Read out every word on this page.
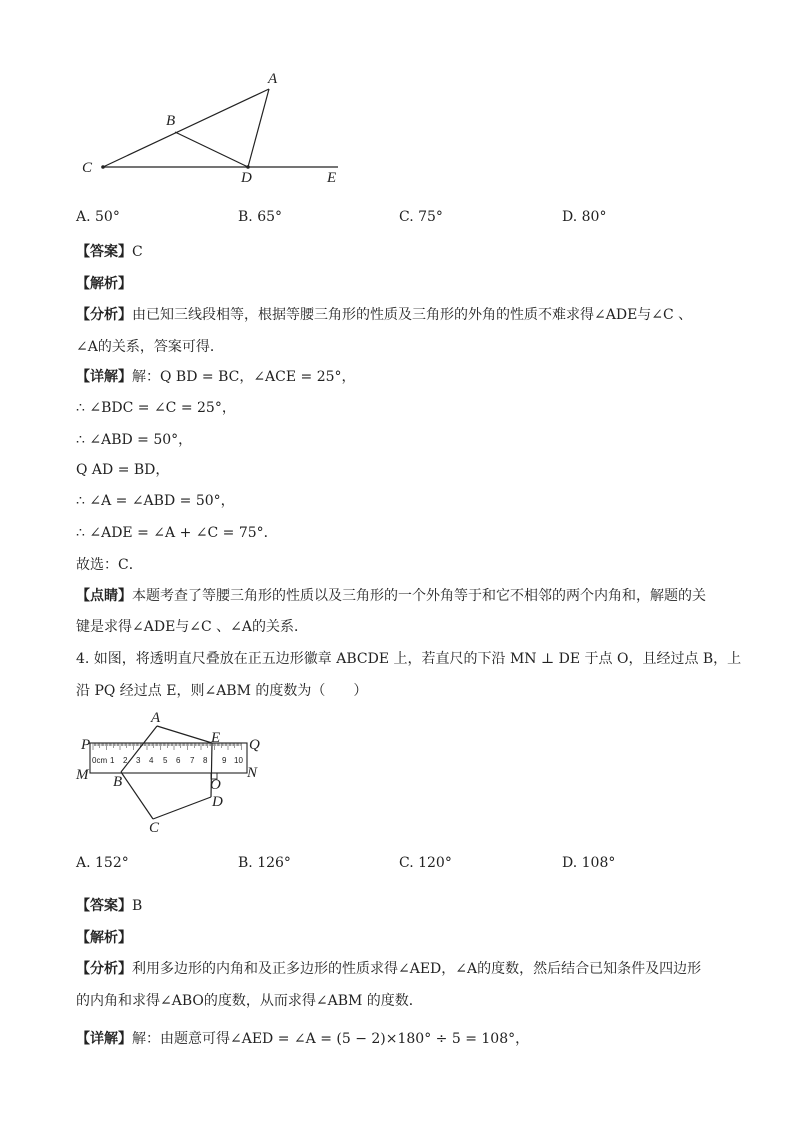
A
B
C
D	E
A. 50°	B. 65°	C. 75°	D. 80°
【答案】C
【解析】
【分析】由已知三线段相等，根据等腰三角形的性质及三角形的外角的性质不难求得∠ADE与∠C 、
∠A的关系，答案可得．
【详解】解：Q BD = BC，∠ACE = 25°，
∴ ∠BDC = ∠C = 25°，
∴ ∠ABD = 50°，
Q AD = BD，
∴ ∠A = ∠ABD = 50°，
∴ ∠ADE = ∠A + ∠C = 75°．
故选：C．
【点睛】本题考查了等腰三角形的性质以及三角形的一个外角等于和它不相邻的两个内角和，解题的关
键是求得∠ADE与∠C 、∠A的关系．
4. 如图，将透明直尺叠放在正五边形徽章 ABCDE 上，若直尺的下沿 MN ⊥ DE 于点 O，且经过点 B，上
沿 PQ 经过点 E，则∠ABM 的度数为（　　）
0cm 1 2 3 4 5 6 7 8 9 10
A
E
P	Q
M	N
B	O
D
C
A. 152°	B. 126°	C. 120°	D. 108°
【答案】B
【解析】
【分析】利用多边形的内角和及正多边形的性质求得∠AED，∠A的度数，然后结合已知条件及四边形
的内角和求得∠ABO的度数，从而求得∠ABM 的度数．
【详解】解：由题意可得∠AED = ∠A = (5 − 2)×180° ÷ 5 = 108°，
